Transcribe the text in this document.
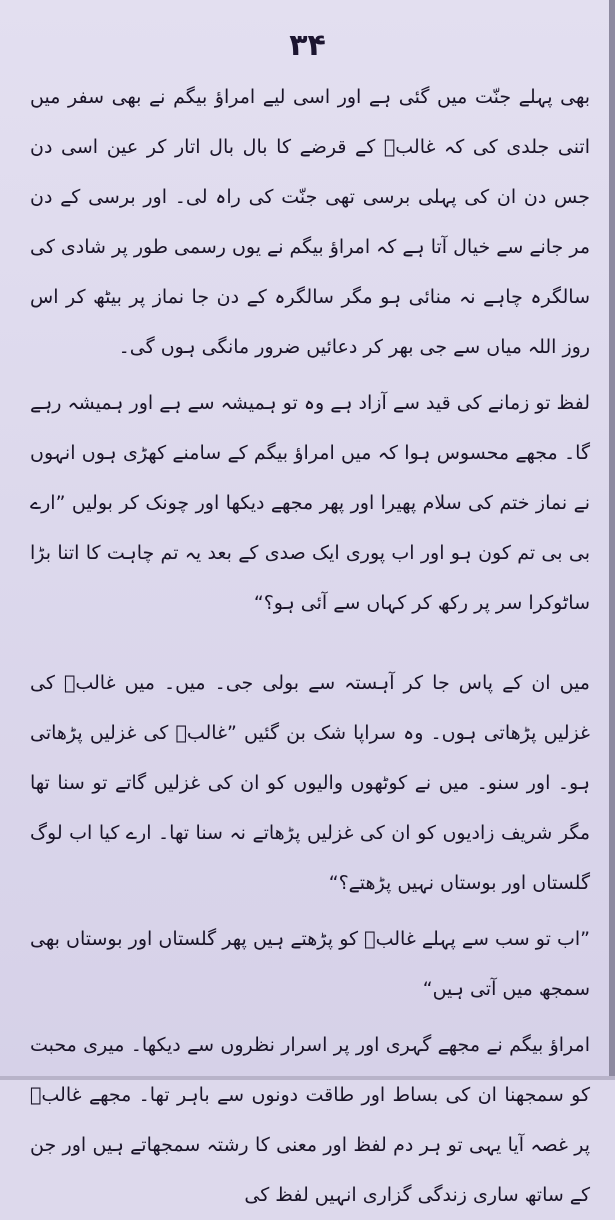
۳۴

بھی پہلے جنّت میں گئی ہے اور اسی لیے امراؤ بیگم نے بھی سفر میں اتنی جلدی کی کہ غالبؔ کے قرضے کا بال بال اتار کر عین اسی دن جس دن ان کی پہلی برسی تھی جنّت کی راہ لی۔ اور برسی کے دن مر جانے سے خیال آتا ہے کہ امراؤ بیگم نے یوں رسمی طور پر شادی کی سالگرہ چاہے نہ منائی ہو مگر سالگرہ کے دن جا نماز پر بیٹھ کر اس روز اللہ میاں سے جی بھر کر دعائیں ضرور مانگی ہوں گی۔

لفظ تو زمانے کی قید سے آزاد ہے وہ تو ہمیشہ سے ہے اور ہمیشہ رہے گا۔ مجھے محسوس ہوا کہ میں امراؤ بیگم کے سامنے کھڑی ہوں انہوں نے نماز ختم کی سلام پھیرا اور پھر مجھے دیکھا اور چونک کر بولیں ”ارے بی بی تم کون ہو اور اب پوری ایک صدی کے بعد یہ تم چاہت کا اتنا بڑا ساٹوکرا سر پر رکھ کر کہاں سے آئی ہو؟“

میں ان کے پاس جا کر آہستہ سے بولی جی۔ میں۔ میں غالبؔ کی غزلیں پڑھاتی ہوں۔ وہ سراپا شک بن گئیں ”غالبؔ کی غزلیں پڑھاتی ہو۔ اور سنو۔ میں نے کوٹھوں والیوں کو ان کی غزلیں گاتے تو سنا تھا مگر شریف زادیوں کو ان کی غزلیں پڑھاتے نہ سنا تھا۔ ارے کیا اب لوگ گلستاں اور بوستاں نہیں پڑھتے؟“

”اب تو سب سے پہلے غالبؔ کو پڑھتے ہیں پھر گلستاں اور بوستاں بھی سمجھ میں آتی ہیں“

امراؤ بیگم نے مجھے گہری اور پر اسرار نظروں سے دیکھا۔ میری محبت کو سمجھنا ان کی بساط اور طاقت دونوں سے باہر تھا۔ مجھے غالبؔ پر غصہ آیا یہی تو ہر دم لفظ اور معنی کا رشتہ سمجھاتے ہیں اور جن کے ساتھ ساری زندگی گزاری انہیں لفظ کی
